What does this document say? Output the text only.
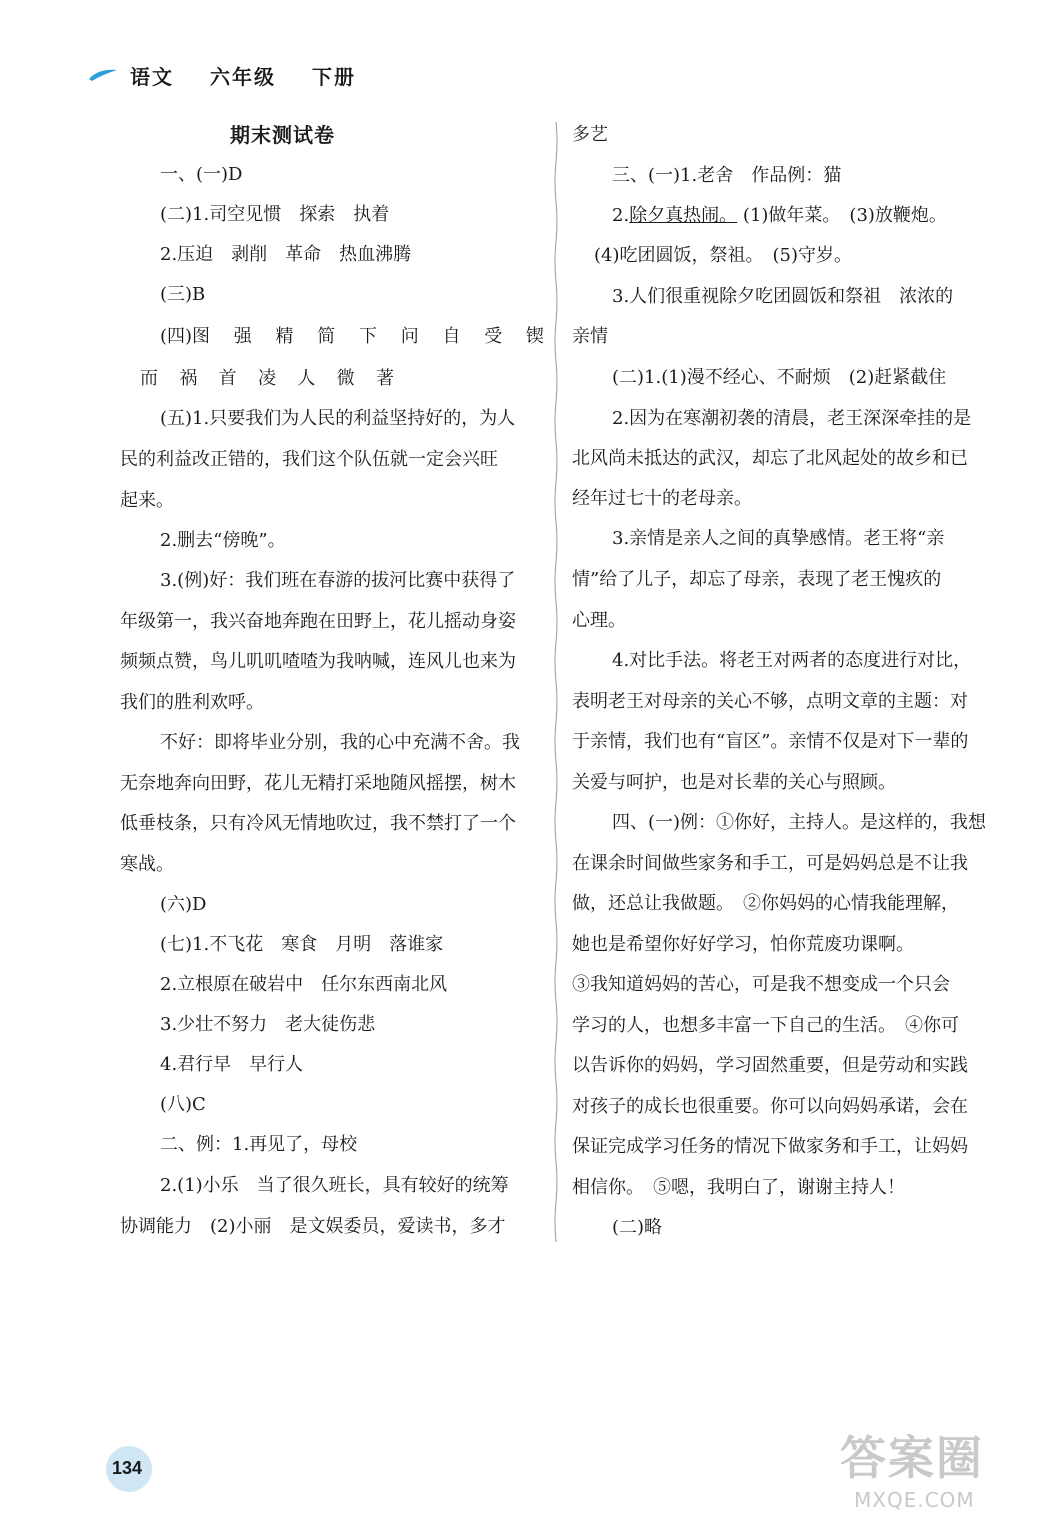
语文 六年级 下册
期末测试卷
一、(一)D
(二)1.司空见惯　探索　执着
2.压迫　剥削　革命　热血沸腾
(三)B
(四)图 强 精 简 下 问 自 受 锲
而 祸 首 凌 人 微 著
(五)1.只要我们为人民的利益坚持好的，为人
民的利益改正错的，我们这个队伍就一定会兴旺
起来。
2.删去“傍晚”。
3.(例)好：我们班在春游的拔河比赛中获得了
年级第一，我兴奋地奔跑在田野上，花儿摇动身姿
频频点赞，鸟儿叽叽喳喳为我呐喊，连风儿也来为
我们的胜利欢呼。
不好：即将毕业分别，我的心中充满不舍。我
无奈地奔向田野，花儿无精打采地随风摇摆，树木
低垂枝条，只有冷风无情地吹过，我不禁打了一个
寒战。
(六)D
(七)1.不飞花　寒食　月明　落谁家
2.立根原在破岩中　任尔东西南北风
3.少壮不努力　老大徒伤悲
4.君行早　早行人
(八)C
二、例：1.再见了，母校
2.(1)小乐　当了很久班长，具有较好的统筹
协调能力　(2)小丽　是文娱委员，爱读书，多才
多艺
三、(一)1.老舍　作品例：猫
2.除夕真热闹。 (1)做年菜。　(3)放鞭炮。
(4)吃团圆饭，祭祖。　(5)守岁。
3.人们很重视除夕吃团圆饭和祭祖　浓浓的
亲情
(二)1.(1)漫不经心、不耐烦　(2)赶紧截住
2.因为在寒潮初袭的清晨，老王深深牵挂的是
北风尚未抵达的武汉，却忘了北风起处的故乡和已
经年过七十的老母亲。
3.亲情是亲人之间的真挚感情。老王将“亲
情”给了儿子，却忘了母亲，表现了老王愧疚的
心理。
4.对比手法。将老王对两者的态度进行对比，
表明老王对母亲的关心不够，点明文章的主题：对
于亲情，我们也有“盲区”。亲情不仅是对下一辈的
关爱与呵护，也是对长辈的关心与照顾。
四、(一)例：①你好，主持人。是这样的，我想
在课余时间做些家务和手工，可是妈妈总是不让我
做，还总让我做题。　②你妈妈的心情我能理解，
她也是希望你好好学习，怕你荒废功课啊。
③我知道妈妈的苦心，可是我不想变成一个只会
学习的人，也想多丰富一下自己的生活。　④你可
以告诉你的妈妈，学习固然重要，但是劳动和实践
对孩子的成长也很重要。你可以向妈妈承诺，会在
保证完成学习任务的情况下做家务和手工，让妈妈
相信你。　⑤嗯，我明白了，谢谢主持人！
(二)略
134	答案圈
MXQE.COM
